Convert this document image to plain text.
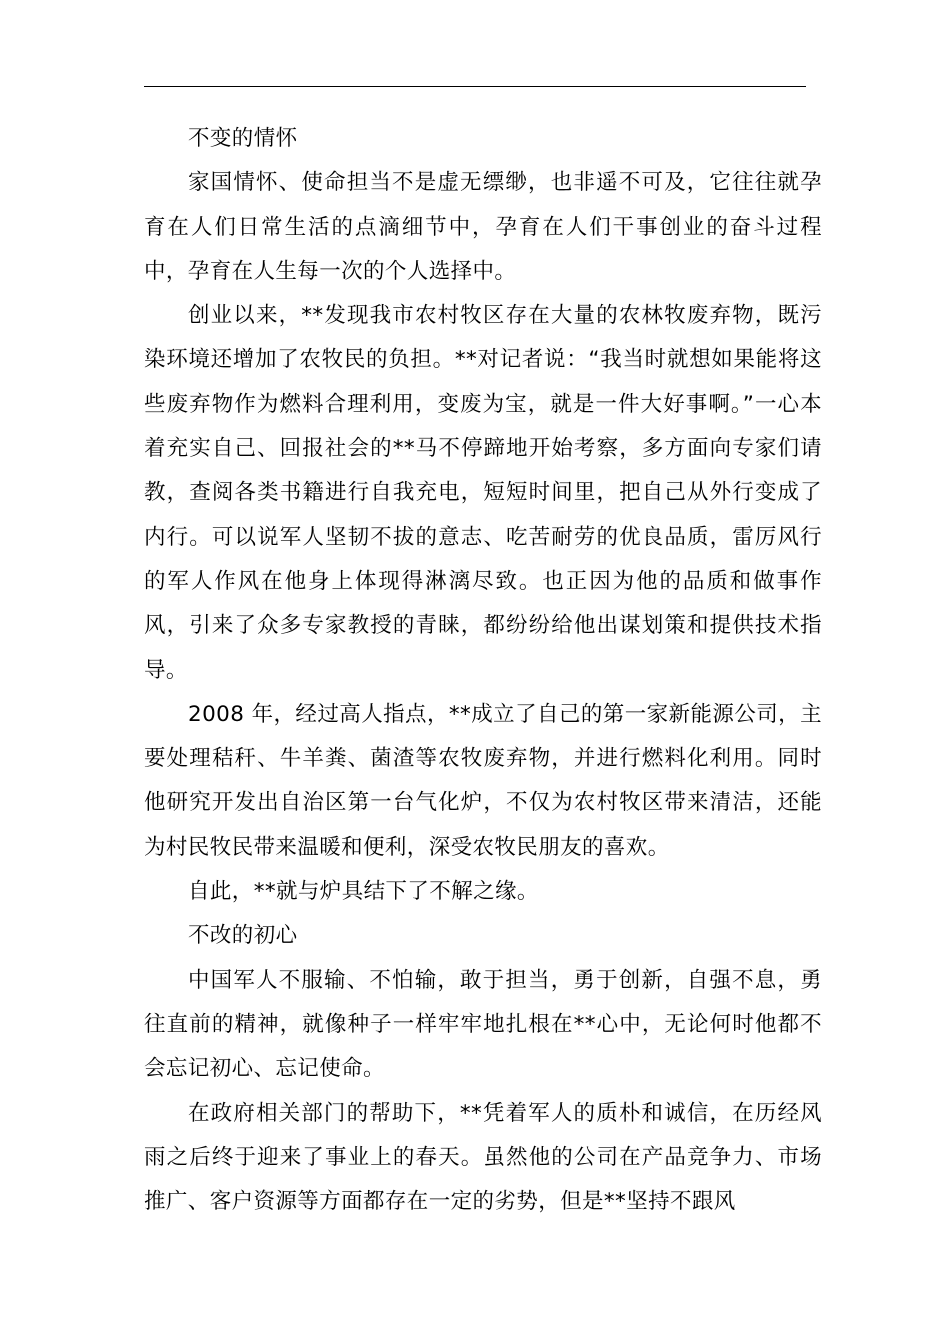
不变的情怀

家国情怀、使命担当不是虚无缥缈，也非遥不可及，它往往就孕育在人们日常生活的点滴细节中，孕育在人们干事创业的奋斗过程中，孕育在人生每一次的个人选择中。

创业以来，**发现我市农村牧区存在大量的农林牧废弃物，既污染环境还增加了农牧民的负担。**对记者说：“我当时就想如果能将这些废弃物作为燃料合理利用，变废为宝，就是一件大好事啊。”一心本着充实自己、回报社会的**马不停蹄地开始考察，多方面向专家们请教，查阅各类书籍进行自我充电，短短时间里，把自己从外行变成了内行。可以说军人坚韧不拔的意志、吃苦耐劳的优良品质，雷厉风行的军人作风在他身上体现得淋漓尽致。也正因为他的品质和做事作风，引来了众多专家教授的青睐，都纷纷给他出谋划策和提供技术指导。

2008 年，经过高人指点，**成立了自己的第一家新能源公司，主要处理秸秆、牛羊粪、菌渣等农牧废弃物，并进行燃料化利用。同时他研究开发出自治区第一台气化炉，不仅为农村牧区带来清洁，还能为村民牧民带来温暖和便利，深受农牧民朋友的喜欢。

自此，**就与炉具结下了不解之缘。

不改的初心

中国军人不服输、不怕输，敢于担当，勇于创新，自强不息，勇往直前的精神，就像种子一样牢牢地扎根在**心中，无论何时他都不会忘记初心、忘记使命。

在政府相关部门的帮助下，**凭着军人的质朴和诚信，在历经风雨之后终于迎来了事业上的春天。虽然他的公司在产品竞争力、市场推广、客户资源等方面都存在一定的劣势，但是**坚持不跟风
